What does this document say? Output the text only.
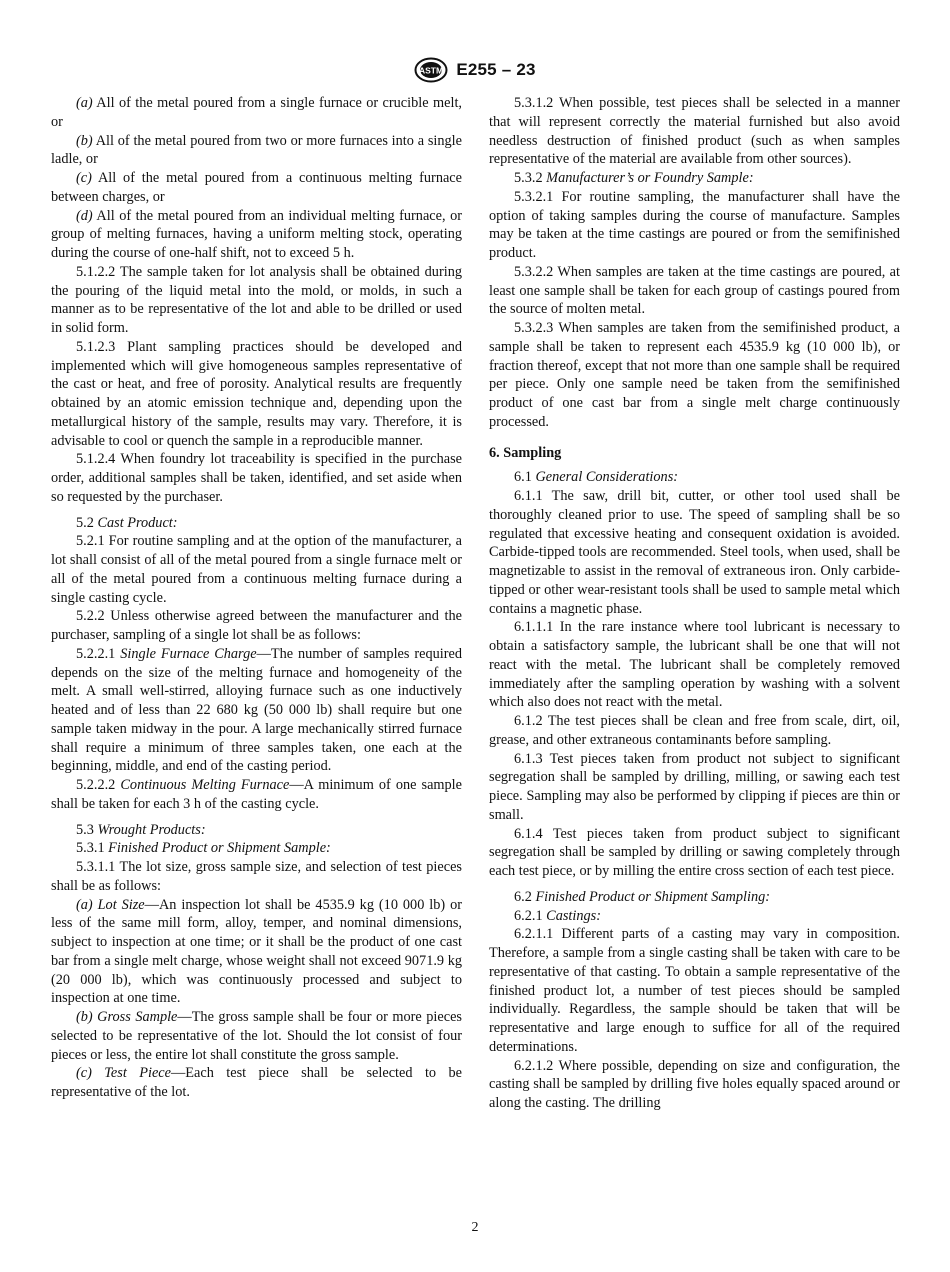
ASTM E255 – 23

(a) All of the metal poured from a single furnace or crucible melt, or

(b) All of the metal poured from two or more furnaces into a single ladle, or

(c) All of the metal poured from a continuous melting furnace between charges, or

(d) All of the metal poured from an individual melting furnace, or group of melting furnaces, having a uniform melting stock, operating during the course of one-half shift, not to exceed 5 h.

5.1.2.2 The sample taken for lot analysis shall be obtained during the pouring of the liquid metal into the mold, or molds, in such a manner as to be representative of the lot and able to be drilled or used in solid form.

5.1.2.3 Plant sampling practices should be developed and implemented which will give homogeneous samples representative of the cast or heat, and free of porosity. Analytical results are frequently obtained by an atomic emission technique and, depending upon the metallurgical history of the sample, results may vary. Therefore, it is advisable to cool or quench the sample in a reproducible manner.

5.1.2.4 When foundry lot traceability is specified in the purchase order, additional samples shall be taken, identified, and set aside when so requested by the purchaser.

5.2 Cast Product:

5.2.1 For routine sampling and at the option of the manufacturer, a lot shall consist of all of the metal poured from a single furnace melt or all of the metal poured from a continuous melting furnace during a single casting cycle.

5.2.2 Unless otherwise agreed between the manufacturer and the purchaser, sampling of a single lot shall be as follows:

5.2.2.1 Single Furnace Charge—The number of samples required depends on the size of the melting furnace and homogeneity of the melt. A small well-stirred, alloying furnace such as one inductively heated and of less than 22 680 kg (50 000 lb) shall require but one sample taken midway in the pour. A large mechanically stirred furnace shall require a minimum of three samples taken, one each at the beginning, middle, and end of the casting period.

5.2.2.2 Continuous Melting Furnace—A minimum of one sample shall be taken for each 3 h of the casting cycle.

5.3 Wrought Products:

5.3.1 Finished Product or Shipment Sample:

5.3.1.1 The lot size, gross sample size, and selection of test pieces shall be as follows:

(a) Lot Size—An inspection lot shall be 4535.9 kg (10 000 lb) or less of the same mill form, alloy, temper, and nominal dimensions, subject to inspection at one time; or it shall be the product of one cast bar from a single melt charge, whose weight shall not exceed 9071.9 kg (20 000 lb), which was continuously processed and subject to inspection at one time.

(b) Gross Sample—The gross sample shall be four or more pieces selected to be representative of the lot. Should the lot consist of four pieces or less, the entire lot shall constitute the gross sample.

(c) Test Piece—Each test piece shall be selected to be representative of the lot.

5.3.1.2 When possible, test pieces shall be selected in a manner that will represent correctly the material furnished but also avoid needless destruction of finished product (such as when samples representative of the material are available from other sources).

5.3.2 Manufacturer’s or Foundry Sample:

5.3.2.1 For routine sampling, the manufacturer shall have the option of taking samples during the course of manufacture. Samples may be taken at the time castings are poured or from the semifinished product.

5.3.2.2 When samples are taken at the time castings are poured, at least one sample shall be taken for each group of castings poured from the source of molten metal.

5.3.2.3 When samples are taken from the semifinished product, a sample shall be taken to represent each 4535.9 kg (10 000 lb), or fraction thereof, except that not more than one sample shall be required per piece. Only one sample need be taken from the semifinished product of one cast bar from a single melt charge continuously processed.

6. Sampling

6.1 General Considerations:

6.1.1 The saw, drill bit, cutter, or other tool used shall be thoroughly cleaned prior to use. The speed of sampling shall be so regulated that excessive heating and consequent oxidation is avoided. Carbide-tipped tools are recommended. Steel tools, when used, shall be magnetizable to assist in the removal of extraneous iron. Only carbide-tipped or other wear-resistant tools shall be used to sample metal which contains a magnetic phase.

6.1.1.1 In the rare instance where tool lubricant is necessary to obtain a satisfactory sample, the lubricant shall be one that will not react with the metal. The lubricant shall be completely removed immediately after the sampling operation by washing with a solvent which also does not react with the metal.

6.1.2 The test pieces shall be clean and free from scale, dirt, oil, grease, and other extraneous contaminants before sampling.

6.1.3 Test pieces taken from product not subject to significant segregation shall be sampled by drilling, milling, or sawing each test piece. Sampling may also be performed by clipping if pieces are thin or small.

6.1.4 Test pieces taken from product subject to significant segregation shall be sampled by drilling or sawing completely through each test piece, or by milling the entire cross section of each test piece.

6.2 Finished Product or Shipment Sampling:

6.2.1 Castings:

6.2.1.1 Different parts of a casting may vary in composition. Therefore, a sample from a single casting shall be taken with care to be representative of that casting. To obtain a sample representative of the finished product lot, a number of test pieces should be sampled individually. Regardless, the sample should be taken that will be representative and large enough to suffice for all of the required determinations.

6.2.1.2 Where possible, depending on size and configuration, the casting shall be sampled by drilling five holes equally spaced around or along the casting. The drilling

2
